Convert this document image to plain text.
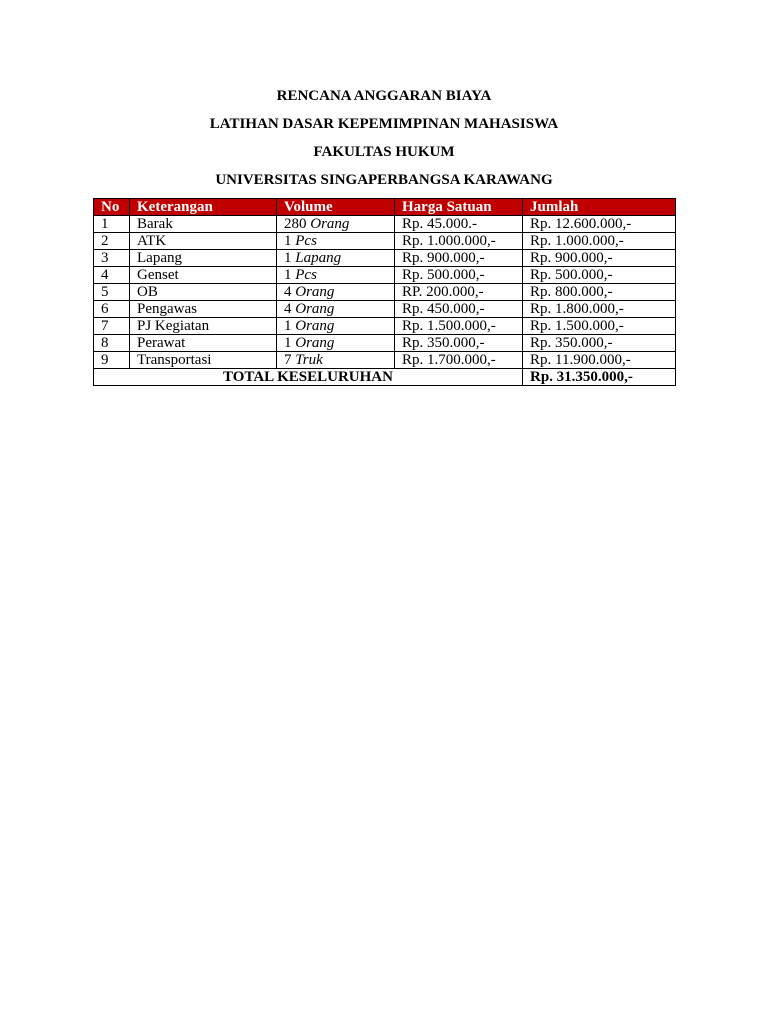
RENCANA ANGGARAN BIAYA

LATIHAN DASAR KEPEMIMPINAN MAHASISWA

FAKULTAS HUKUM

UNIVERSITAS SINGAPERBANGSA KARAWANG

No	Keterangan	Volume	Harga Satuan	Jumlah
1	Barak	280 Orang	Rp. 45.000.-	Rp. 12.600.000,-
2	ATK	1 Pcs	Rp. 1.000.000,-	Rp. 1.000.000,-
3	Lapang	1 Lapang	Rp. 900.000,-	Rp. 900.000,-
4	Genset	1 Pcs	Rp. 500.000,-	Rp. 500.000,-
5	OB	4 Orang	RP. 200.000,-	Rp. 800.000,-
6	Pengawas	4 Orang	Rp. 450.000,-	Rp. 1.800.000,-
7	PJ Kegiatan	1 Orang	Rp. 1.500.000,-	Rp. 1.500.000,-
8	Perawat	1 Orang	Rp. 350.000,-	Rp. 350.000,-
9	Transportasi	7 Truk	Rp. 1.700.000,-	Rp. 11.900.000,-
TOTAL KESELURUHAN				Rp. 31.350.000,-
